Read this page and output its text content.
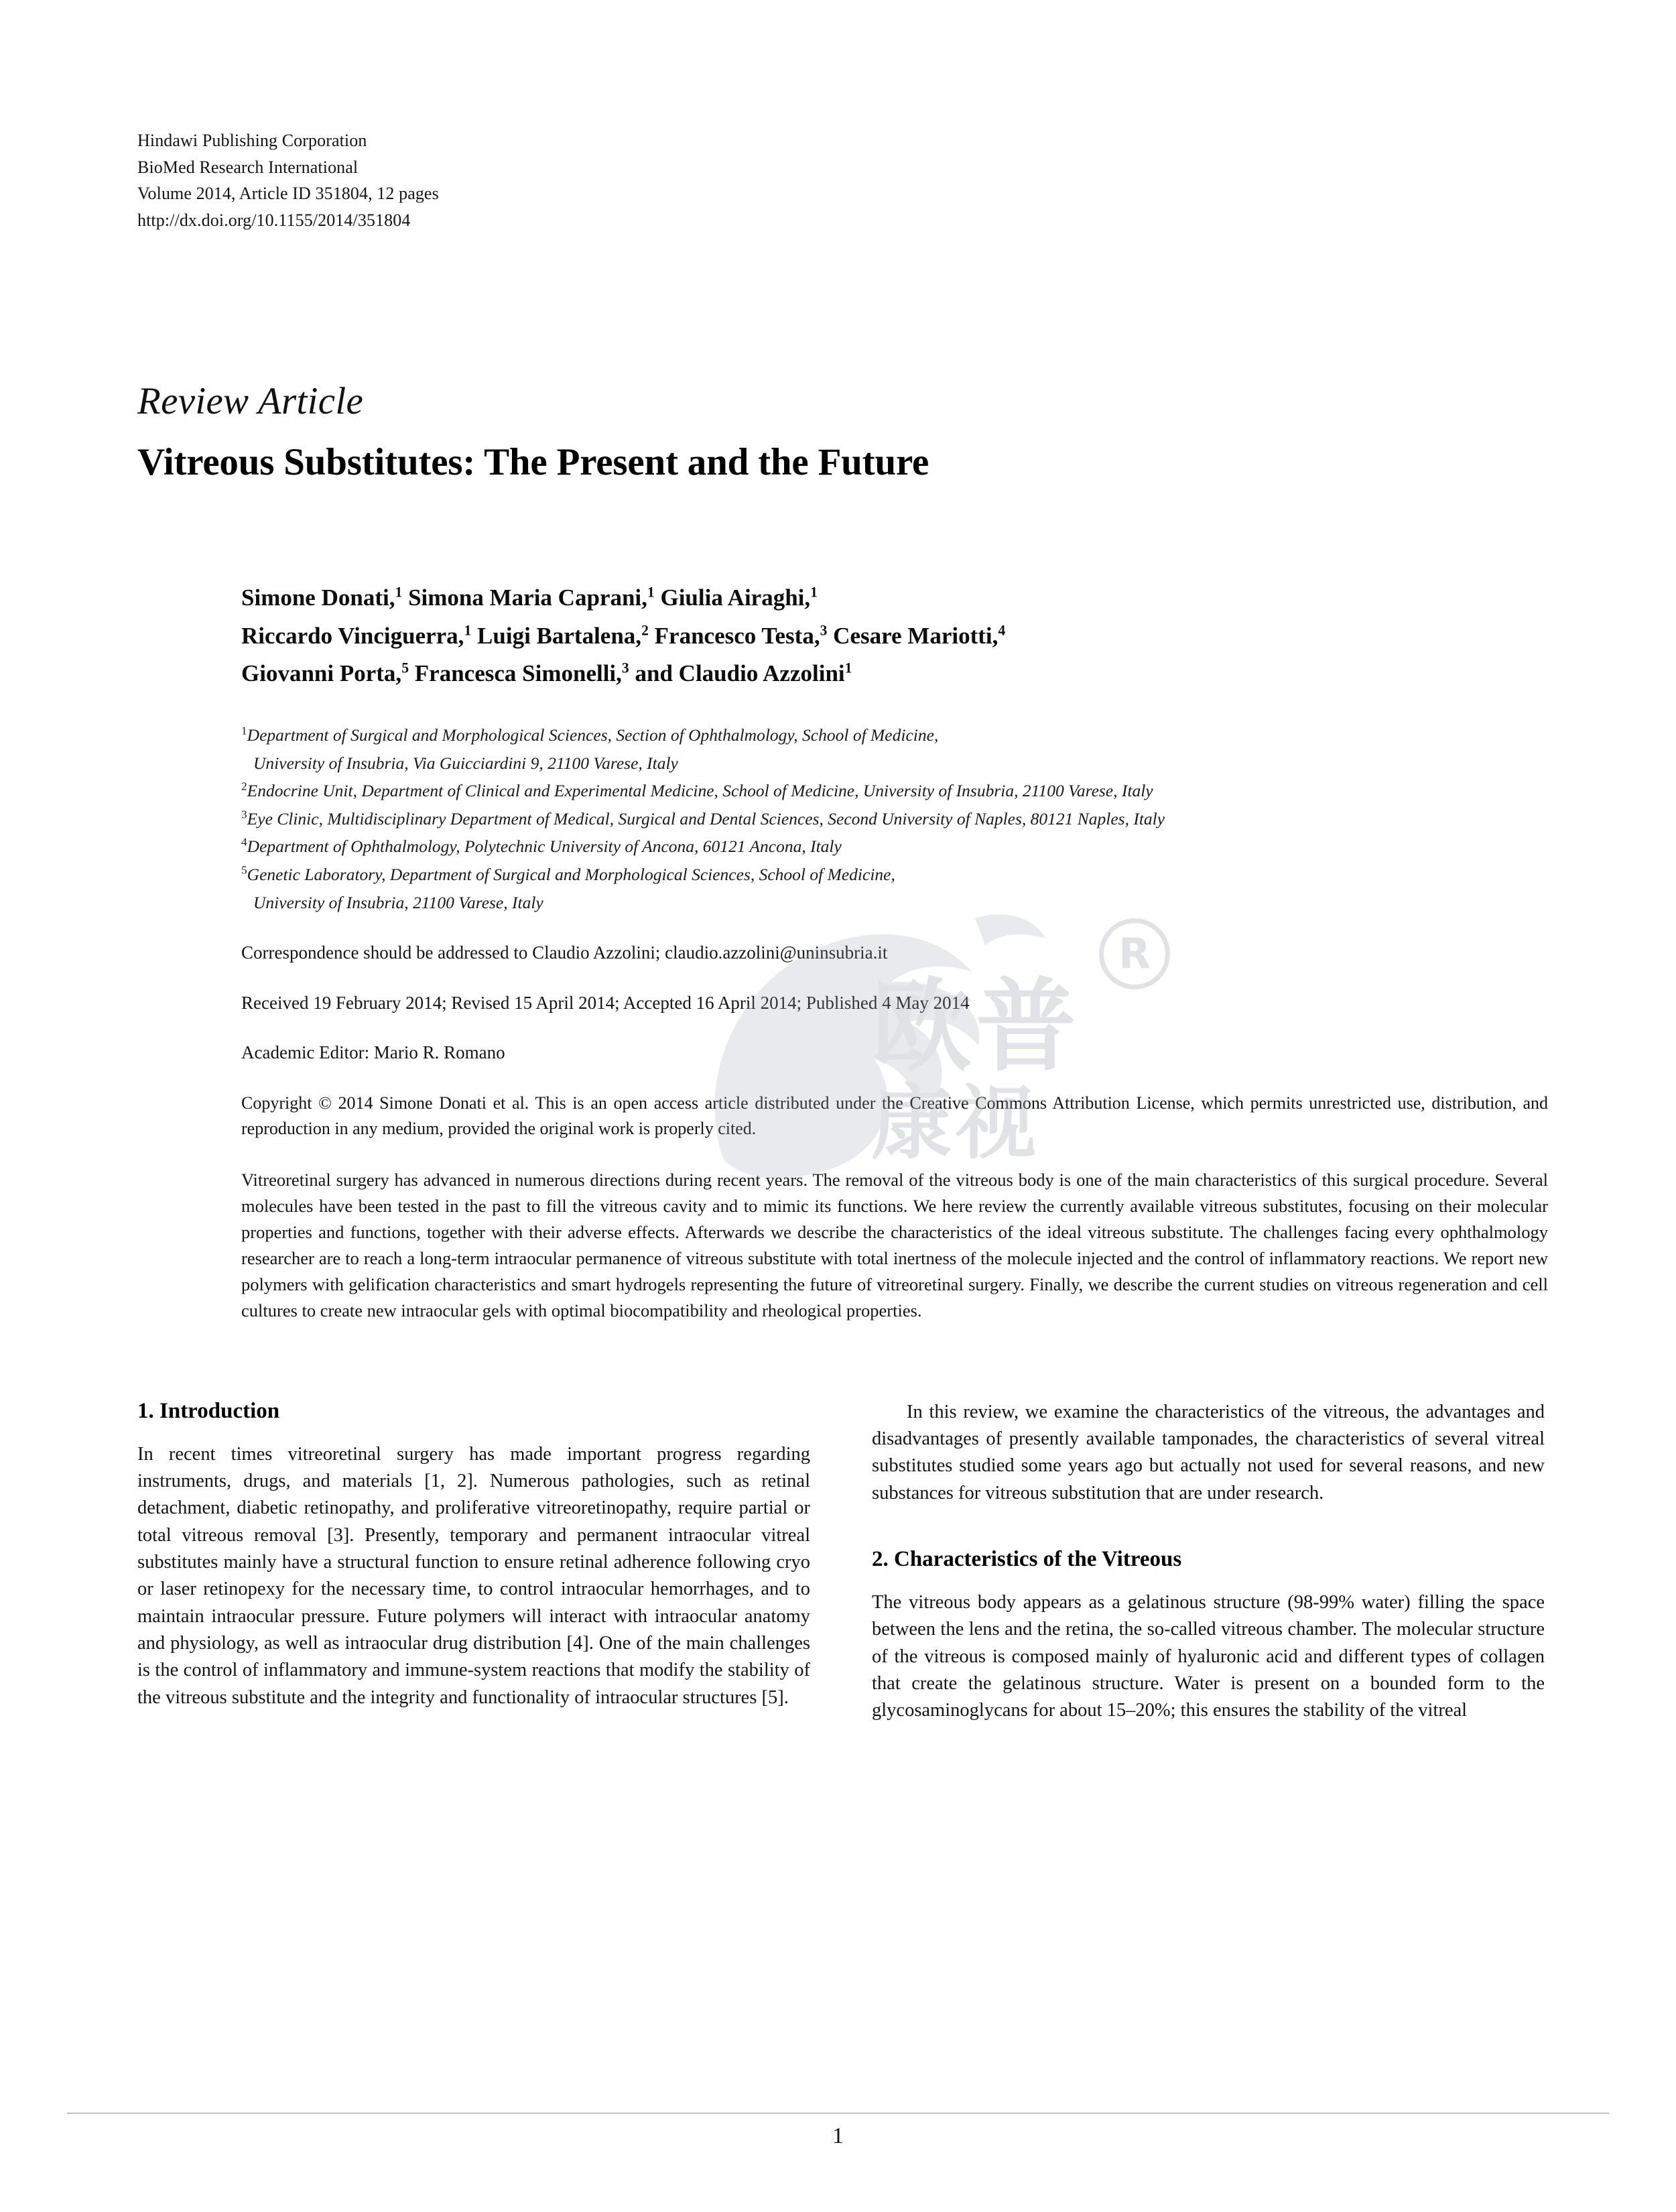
Hindawi Publishing Corporation
BioMed Research International
Volume 2014, Article ID 351804, 12 pages
http://dx.doi.org/10.1155/2014/351804
Review Article
Vitreous Substitutes: The Present and the Future
Simone Donati,$^1$ Simona Maria Caprani,$^1$ Giulia Airaghi,$^1$
Riccardo Vinciguerra,$^1$ Luigi Bartalena,$^2$ Francesco Testa,$^3$ Cesare Mariotti,$^4$
Giovanni Porta,$^5$ Francesca Simonelli,$^3$ and Claudio Azzolini$^1$
$^1$Department of Surgical and Morphological Sciences, Section of Ophthalmology, School of Medicine,
University of Insubria, Via Guicciardini 9, 21100 Varese, Italy
$^2$Endocrine Unit, Department of Clinical and Experimental Medicine, School of Medicine, University of Insubria, 21100 Varese, Italy
$^3$Eye Clinic, Multidisciplinary Department of Medical, Surgical and Dental Sciences, Second University of Naples, 80121 Naples, Italy
$^4$Department of Ophthalmology, Polytechnic University of Ancona, 60121 Ancona, Italy
$^5$Genetic Laboratory, Department of Surgical and Morphological Sciences, School of Medicine,
University of Insubria, 21100 Varese, Italy
Correspondence should be addressed to Claudio Azzolini; claudio.azzolini@uninsubria.it
Received 19 February 2014; Revised 15 April 2014; Accepted 16 April 2014; Published 4 May 2014
Academic Editor: Mario R. Romano
Copyright © 2014 Simone Donati et al. This is an open access article distributed under the Creative Commons Attribution License, which permits unrestricted use, distribution, and reproduction in any medium, provided the original work is properly cited.
Vitreoretinal surgery has advanced in numerous directions during recent years. The removal of the vitreous body is one of the main characteristics of this surgical procedure. Several molecules have been tested in the past to fill the vitreous cavity and to mimic its functions. We here review the currently available vitreous substitutes, focusing on their molecular properties and functions, together with their adverse effects. Afterwards we describe the characteristics of the ideal vitreous substitute. The challenges facing every ophthalmology researcher are to reach a long-term intraocular permanence of vitreous substitute with total inertness of the molecule injected and the control of inflammatory reactions. We report new polymers with gelification characteristics and smart hydrogels representing the future of vitreoretinal surgery. Finally, we describe the current studies on vitreous regeneration and cell cultures to create new intraocular gels with optimal biocompatibility and rheological properties.
1. Introduction

In recent times vitreoretinal surgery has made important progress regarding instruments, drugs, and materials [1, 2]. Numerous pathologies, such as retinal detachment, diabetic retinopathy, and proliferative vitreoretinopathy, require partial or total vitreous removal [3]. Presently, temporary and permanent intraocular vitreal substitutes mainly have a structural function to ensure retinal adherence following cryo or laser retinopexy for the necessary time, to control intraocular hemorrhages, and to maintain intraocular pressure. Future polymers will interact with intraocular anatomy and physiology, as well as intraocular drug distribution [4]. One of the main challenges is the control of inflammatory and immune-system reactions that modify the stability of the vitreous substitute and the integrity and functionality of intraocular structures [5].

In this review, we examine the characteristics of the vitreous, the advantages and disadvantages of presently available tamponades, the characteristics of several vitreal substitutes studied some years ago but actually not used for several reasons, and new substances for vitreous substitution that are under research.

2. Characteristics of the Vitreous

The vitreous body appears as a gelatinous structure (98-99% water) filling the space between the lens and the retina, the so-called vitreous chamber. The molecular structure of the vitreous is composed mainly of hyaluronic acid and different types of collagen that create the gelatinous structure. Water is present on a bounded form to the glycosaminoglycans for about 15–20%; this ensures the stability of the vitreal

R
欧普
康视
1
